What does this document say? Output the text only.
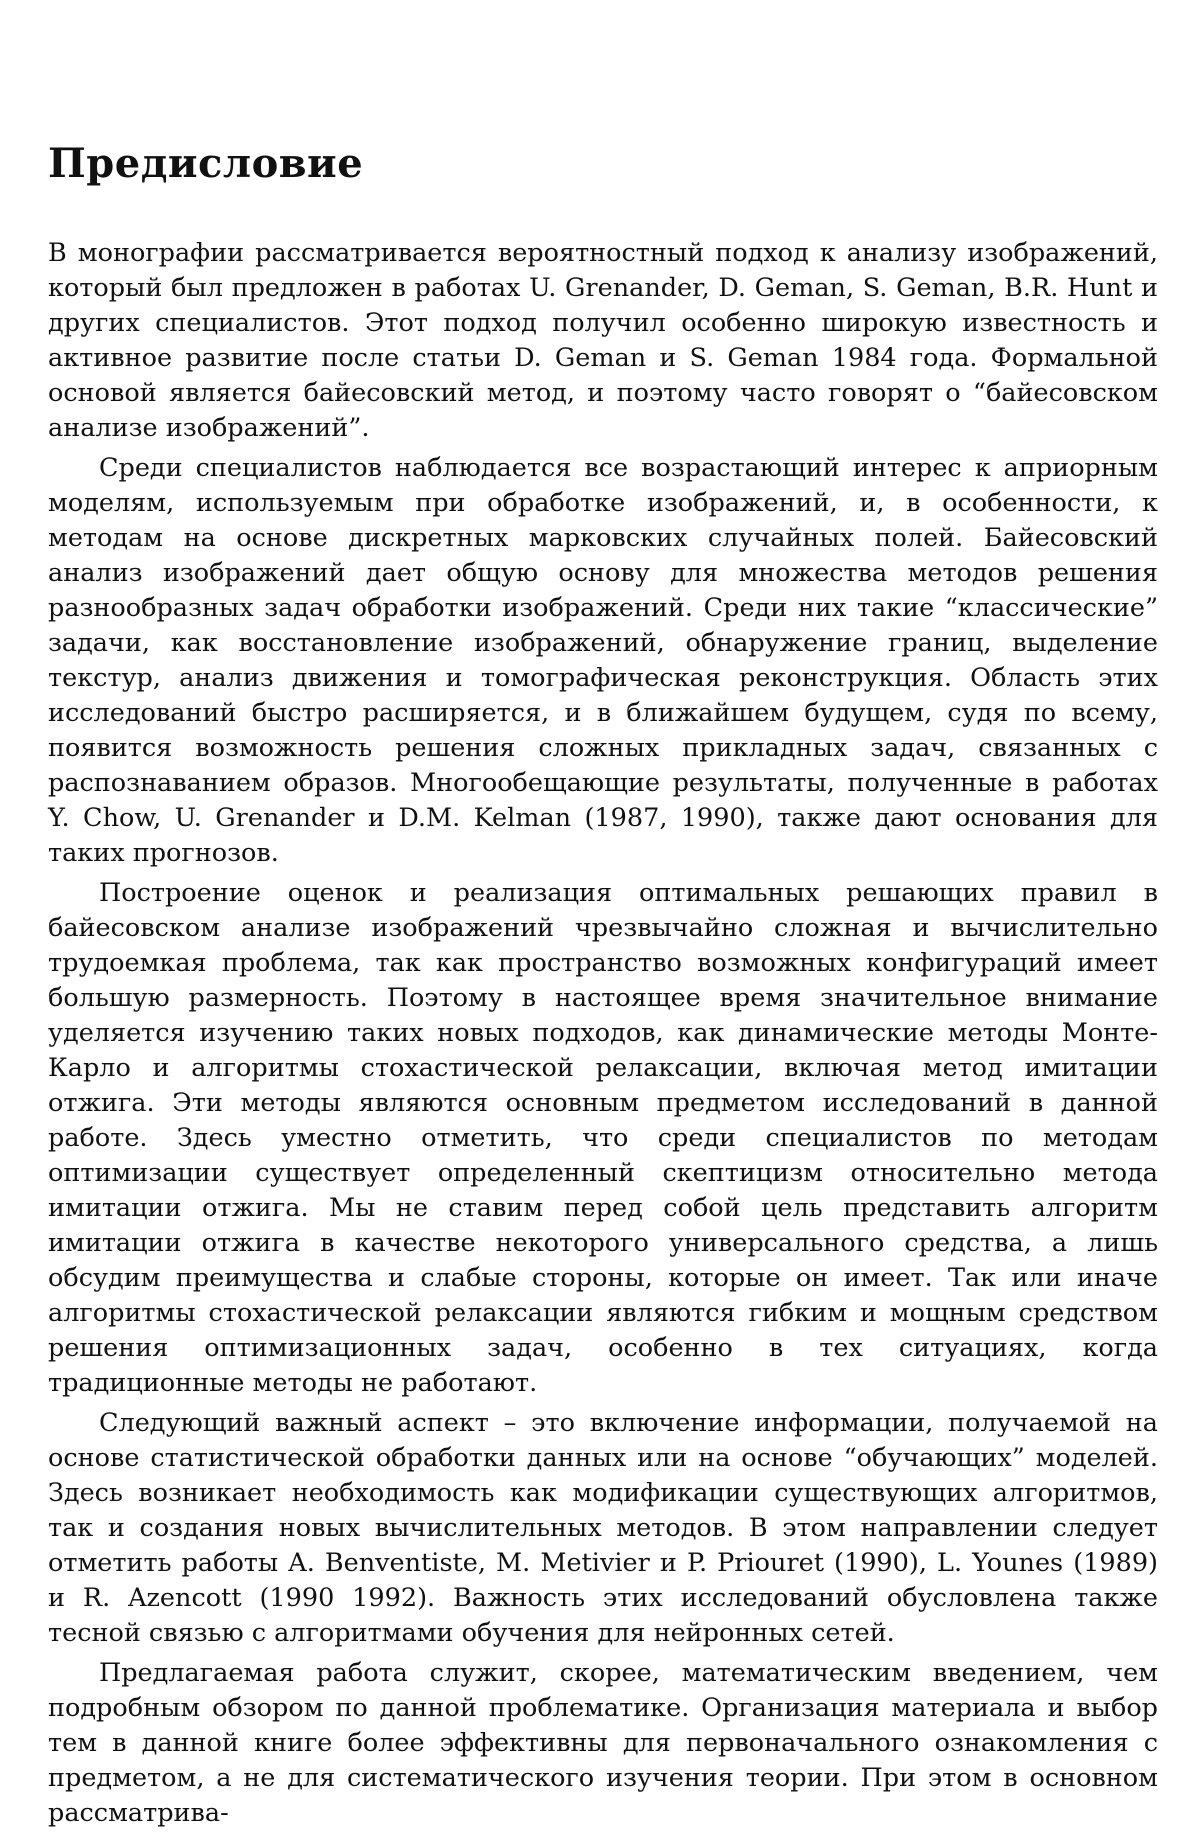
Предисловие

В монографии рассматривается вероятностный подход к анализу изображений, который был предложен в работах U. Grenander, D. Geman, S. Geman, B.R. Hunt и других специалистов. Этот подход получил особенно широкую известность и активное развитие после статьи D. Geman и S. Geman 1984 года. Формальной основой является байесовский метод, и поэтому часто говорят о “байесовском анализе изображений”.

Среди специалистов наблюдается все возрастающий интерес к априорным моделям, используемым при обработке изображений, и, в особенности, к методам на основе дискретных марковских случайных полей. Байесовский анализ изображений дает общую основу для множества методов решения разнообразных задач обработки изображений. Среди них такие “классические” задачи, как восстановление изображений, обнаружение границ, выделение текстур, анализ движения и томографическая реконструкция. Область этих исследований быстро расширяется, и в ближайшем будущем, судя по всему, появится возможность решения сложных прикладных задач, связанных с распознаванием образов. Многообещающие результаты, полученные в работах Y. Chow, U. Grenander и D.M. Kelman (1987, 1990), также дают основания для таких прогнозов.

Построение оценок и реализация оптимальных решающих правил в байесовском анализе изображений чрезвычайно сложная и вычислительно трудоемкая проблема, так как пространство возможных конфигураций имеет большую размерность. Поэтому в настоящее время значительное внимание уделяется изучению таких новых подходов, как динамические методы Монте-Карло и алгоритмы стохастической релаксации, включая метод имитации отжига. Эти методы являются основным предметом исследований в данной работе. Здесь уместно отметить, что среди специалистов по методам оптимизации существует определенный скептицизм относительно метода имитации отжига. Мы не ставим перед собой цель представить алгоритм имитации отжига в качестве некоторого универсального средства, а лишь обсудим преимущества и слабые стороны, которые он имеет. Так или иначе алгоритмы стохастической релаксации являются гибким и мощным средством решения оптимизационных задач, особенно в тех ситуациях, когда традиционные методы не работают.

Следующий важный аспект – это включение информации, получаемой на основе статистической обработки данных или на основе “обучающих” моделей. Здесь возникает необходимость как модификации существующих алгоритмов, так и создания новых вычислительных методов. В этом направлении следует отметить работы A. Benventiste, M. Metivier и P. Priouret (1990), L. Younes (1989) и R. Azencott (1990 1992). Важность этих исследований обусловлена также тесной связью с алгоритмами обучения для нейронных сетей.

Предлагаемая работа служит, скорее, математическим введением, чем подробным обзором по данной проблематике. Организация материала и выбор тем в данной книге более эффективны для первоначального ознакомления с предметом, а не для систематического изучения теории. При этом в основном рассматрива-
